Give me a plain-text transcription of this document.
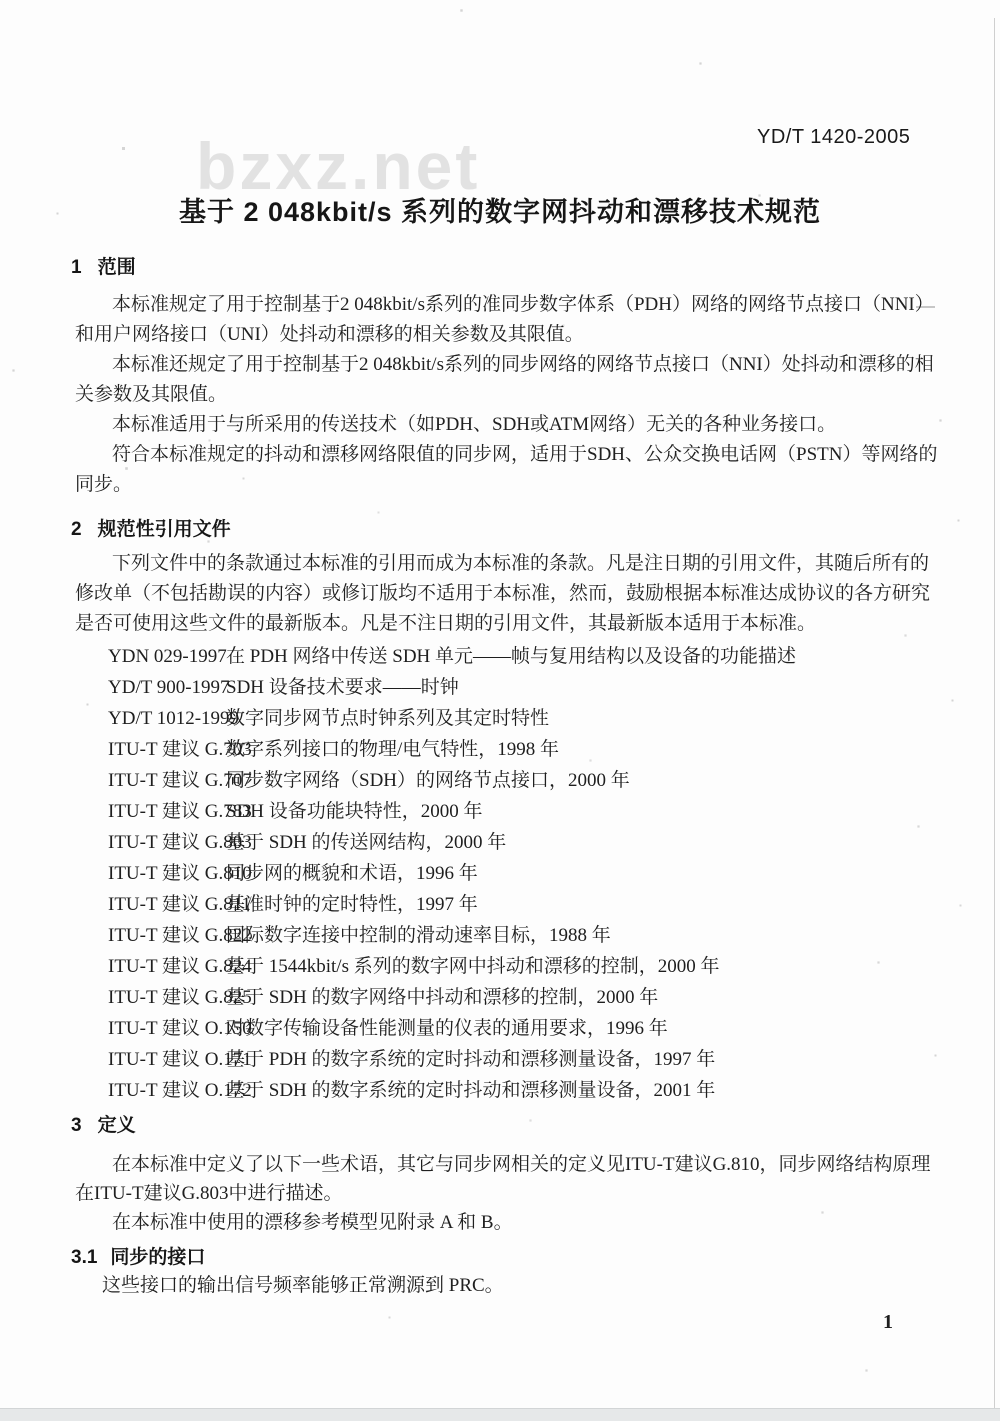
YD/T 1420-2005
bzxz.net
基于 2 048kbit/s 系列的数字网抖动和漂移技术规范
1 范围
本标准规定了用于控制基于2 048kbit/s系列的准同步数字体系（PDH）网络的网络节点接口（NNI）
和用户网络接口（UNI）处抖动和漂移的相关参数及其限值。
本标准还规定了用于控制基于2 048kbit/s系列的同步网络的网络节点接口（NNI）处抖动和漂移的相
关参数及其限值。
本标准适用于与所采用的传送技术（如PDH、SDH或ATM网络）无关的各种业务接口。
符合本标准规定的抖动和漂移网络限值的同步网，适用于SDH、公众交换电话网（PSTN）等网络的
同步。
2 规范性引用文件
下列文件中的条款通过本标准的引用而成为本标准的条款。凡是注日期的引用文件，其随后所有的
修改单（不包括勘误的内容）或修订版均不适用于本标准，然而，鼓励根据本标准达成协议的各方研究
是否可使用这些文件的最新版本。凡是不注日期的引用文件，其最新版本适用于本标准。
YDN 029-1997 在 PDH 网络中传送 SDH 单元——帧与复用结构以及设备的功能描述
YD/T 900-1997
SDH 设备技术要求——时钟
YD/T 1012-1999
数字同步网节点时钟系列及其定时特性
ITU-T 建议 G.703
数字系列接口的物理/电气特性，1998 年
ITU-T 建议 G.707
同步数字网络（SDH）的网络节点接口，2000 年
ITU-T 建议 G.783
SDH 设备功能块特性，2000 年
ITU-T 建议 G.803
基于 SDH 的传送网结构，2000 年
ITU-T 建议 G.810
同步网的概貌和术语，1996 年
ITU-T 建议 G.811
基准时钟的定时特性，1997 年
ITU-T 建议 G.822
国际数字连接中控制的滑动速率目标，1988 年
ITU-T 建议 G.824
基于 1544kbit/s 系列的数字网中抖动和漂移的控制，2000 年
ITU-T 建议 G.825
基于 SDH 的数字网络中抖动和漂移的控制，2000 年
ITU-T 建议 O.150
对数字传输设备性能测量的仪表的通用要求，1996 年
ITU-T 建议 O.171
基于 PDH 的数字系统的定时抖动和漂移测量设备，1997 年
ITU-T 建议 O.172
基于 SDH 的数字系统的定时抖动和漂移测量设备，2001 年
3 定义
在本标准中定义了以下一些术语，其它与同步网相关的定义见ITU-T建议G.810，同步网络结构原理
在ITU-T建议G.803中进行描述。
在本标准中使用的漂移参考模型见附录 A 和 B。
3.1 同步的接口
这些接口的输出信号频率能够正常溯源到 PRC。
1
